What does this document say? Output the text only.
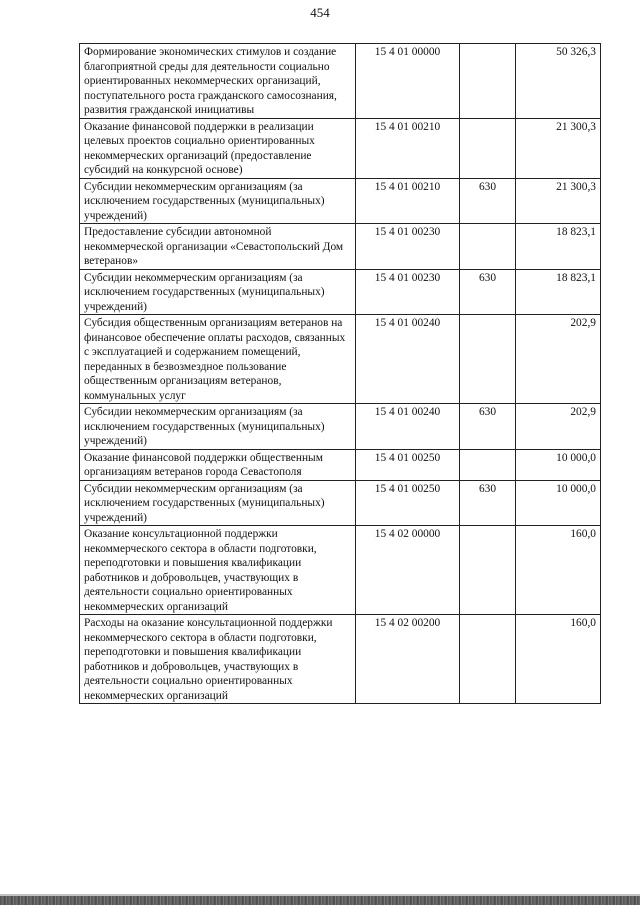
454
Формирование экономических стимулов и создание благоприятной среды для деятельности социально ориентированных некоммерческих организаций, поступательного роста гражданского самосознания, развития гражданской инициативы	15 4 01 00000		50 326,3
Оказание финансовой поддержки в реализации целевых проектов социально ориентированных некоммерческих организаций (предоставление субсидий на конкурсной основе)	15 4 01 00210		21 300,3
Субсидии некоммерческим организациям (за исключением государственных (муниципальных) учреждений)	15 4 01 00210	630	21 300,3
Предоставление субсидии автономной некоммерческой организации «Севастопольский Дом ветеранов»	15 4 01 00230		18 823,1
Субсидии некоммерческим организациям (за исключением государственных (муниципальных) учреждений)	15 4 01 00230	630	18 823,1
Субсидия общественным организациям ветеранов на финансовое обеспечение оплаты расходов, связанных с эксплуатацией и содержанием помещений, переданных в безвозмездное пользование общественным организациям ветеранов, коммунальных услуг	15 4 01 00240		202,9
Субсидии некоммерческим организациям (за исключением государственных (муниципальных) учреждений)	15 4 01 00240	630	202,9
Оказание финансовой поддержки общественным организациям ветеранов города Севастополя	15 4 01 00250		10 000,0
Субсидии некоммерческим организациям (за исключением государственных (муниципальных) учреждений)	15 4 01 00250	630	10 000,0
Оказание консультационной поддержки некоммерческого сектора в области подготовки, переподготовки и повышения квалификации работников и добровольцев, участвующих в деятельности социально ориентированных некоммерческих организаций	15 4 02 00000		160,0
Расходы на оказание консультационной поддержки некоммерческого сектора в области подготовки, переподготовки и повышения квалификации работников и добровольцев, участвующих в деятельности социально ориентированных некоммерческих организаций	15 4 02 00200		160,0
